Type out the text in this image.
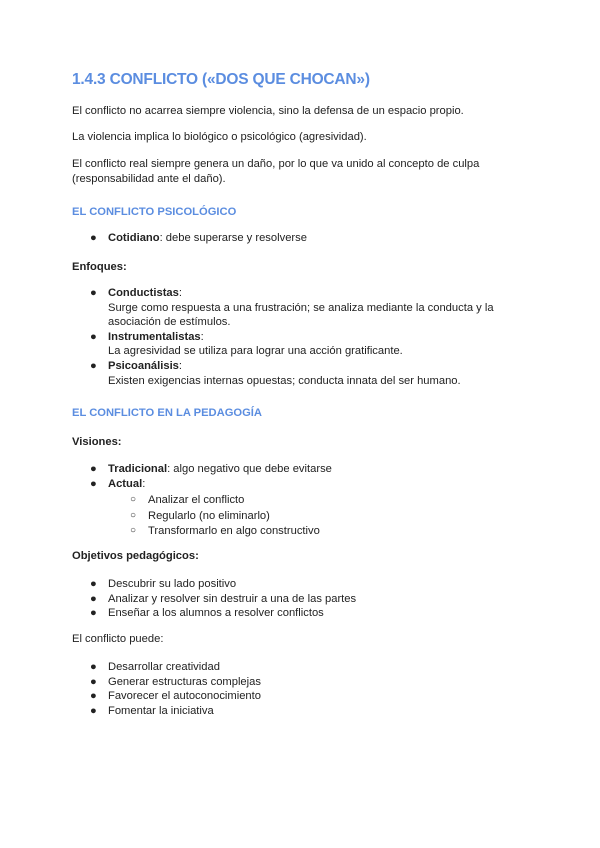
1.4.3 CONFLICTO («DOS QUE CHOCAN»)

El conflicto no acarrea siempre violencia, sino la defensa de un espacio propio.

La violencia implica lo biológico o psicológico (agresividad).

El conflicto real siempre genera un daño, por lo que va unido al concepto de culpa (responsabilidad ante el daño).

EL CONFLICTO PSICOLÓGICO
● Cotidiano: debe superarse y resolverse
Enfoques:
● Conductistas:
Surge como respuesta a una frustración; se analiza mediante la conducta y la asociación de estímulos.
● Instrumentalistas:
La agresividad se utiliza para lograr una acción gratificante.
● Psicoanálisis:
Existen exigencias internas opuestas; conducta innata del ser humano.
EL CONFLICTO EN LA PEDAGOGÍA
Visiones:
● Tradicional: algo negativo que debe evitarse
● Actual:
○ Analizar el conflicto
○ Regularlo (no eliminarlo)
○ Transformarlo en algo constructivo
Objetivos pedagógicos:
● Descubrir su lado positivo
● Analizar y resolver sin destruir a una de las partes
● Enseñar a los alumnos a resolver conflictos

El conflicto puede:

● Desarrollar creatividad
● Generar estructuras complejas
● Favorecer el autoconocimiento
● Fomentar la iniciativa
